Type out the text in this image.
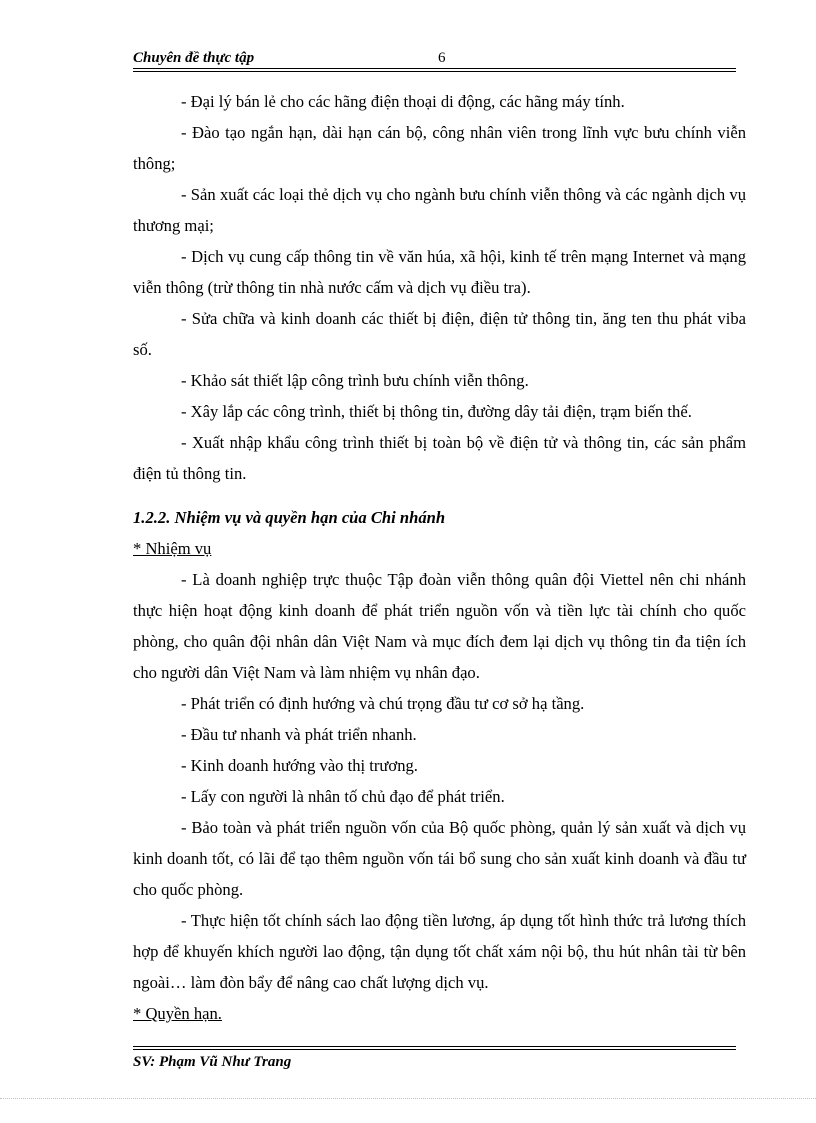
Chuyên đề thực tập	6

- Đại lý bán lẻ cho các hãng điện thoại di động, các hãng máy tính.

- Đào tạo ngắn hạn, dài hạn cán bộ, công nhân viên trong lĩnh vực bưu chính viễn thông;

- Sản xuất các loại thẻ dịch vụ cho ngành bưu chính viễn thông và các ngành dịch vụ thương mại;

- Dịch vụ cung cấp thông tin về văn húa, xã hội, kinh tế trên mạng Internet và mạng viễn thông (trừ thông tin nhà nước cấm và dịch vụ điều tra).

- Sửa chữa và kinh doanh các thiết bị điện, điện tử thông tin, ăng ten thu phát viba số.

- Khảo sát thiết lập công trình bưu chính viễn thông.

- Xây lắp các công trình, thiết bị thông tin, đường dây tải điện, trạm biến thế.

- Xuất nhập khẩu công trình thiết bị toàn bộ về điện tử và thông tin, các sản phẩm điện tủ thông tin.

1.2.2. Nhiệm vụ và quyền hạn của Chi nhánh
* Nhiệm vụ

- Là doanh nghiệp trực thuộc Tập đoàn viễn thông quân đội Viettel nên chi nhánh thực hiện hoạt động kinh doanh để phát triển nguồn vốn và tiền lực tài chính cho quốc phòng, cho quân đội nhân dân Việt Nam và mục đích đem lại dịch vụ thông tin đa tiện ích cho người dân Việt Nam và làm nhiệm vụ nhân đạo.

- Phát triển có định hướng và chú trọng đầu tư cơ sở hạ tầng.

- Đầu tư nhanh và phát triển nhanh.

- Kinh doanh hướng vào thị trương.

- Lấy con người là nhân tố chủ đạo để phát triển.

- Bảo toàn và phát triển nguồn vốn của Bộ quốc phòng, quản lý sản xuất và dịch vụ kinh doanh tốt, có lãi để tạo thêm nguồn vốn tái bổ sung cho sản xuất kinh doanh và đầu tư cho quốc phòng.

- Thực hiện tốt chính sách lao động tiền lương, áp dụng tốt hình thức trả lương thích hợp để khuyến khích người lao động, tận dụng tốt chất xám nội bộ, thu hút nhân tài từ bên ngoài… làm đòn bẩy để nâng cao chất lượng dịch vụ.

* Quyền hạn.
SV: Phạm Vũ Như Trang
